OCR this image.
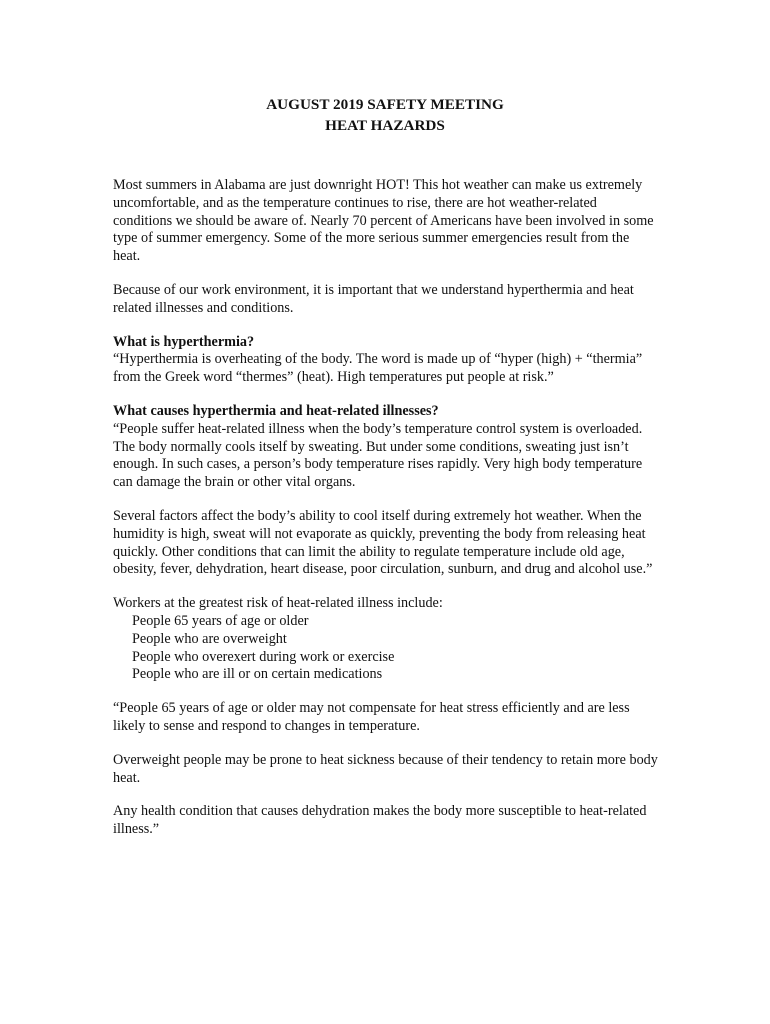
AUGUST 2019 SAFETY MEETING
HEAT HAZARDS

Most summers in Alabama are just downright HOT! This hot weather can make us extremely uncomfortable, and as the temperature continues to rise, there are hot weather-related conditions we should be aware of. Nearly 70 percent of Americans have been involved in some type of summer emergency. Some of the more serious summer emergencies result from the heat.

Because of our work environment, it is important that we understand hyperthermia and heat related illnesses and conditions.

What is hyperthermia?

“Hyperthermia is overheating of the body. The word is made up of “hyper (high) + “thermia” from the Greek word “thermes” (heat). High temperatures put people at risk.”

What causes hyperthermia and heat-related illnesses?

“People suffer heat-related illness when the body’s temperature control system is overloaded. The body normally cools itself by sweating. But under some conditions, sweating just isn’t enough. In such cases, a person’s body temperature rises rapidly. Very high body temperature can damage the brain or other vital organs.

Several factors affect the body’s ability to cool itself during extremely hot weather. When the humidity is high, sweat will not evaporate as quickly, preventing the body from releasing heat quickly. Other conditions that can limit the ability to regulate temperature include old age, obesity, fever, dehydration, heart disease, poor circulation, sunburn, and drug and alcohol use.”

Workers at the greatest risk of heat-related illness include:
People 65 years of age or older
People who are overweight
People who overexert during work or exercise
People who are ill or on certain medications

“People 65 years of age or older may not compensate for heat stress efficiently and are less likely to sense and respond to changes in temperature.

Overweight people may be prone to heat sickness because of their tendency to retain more body heat.

Any health condition that causes dehydration makes the body more susceptible to heat-related illness.”
